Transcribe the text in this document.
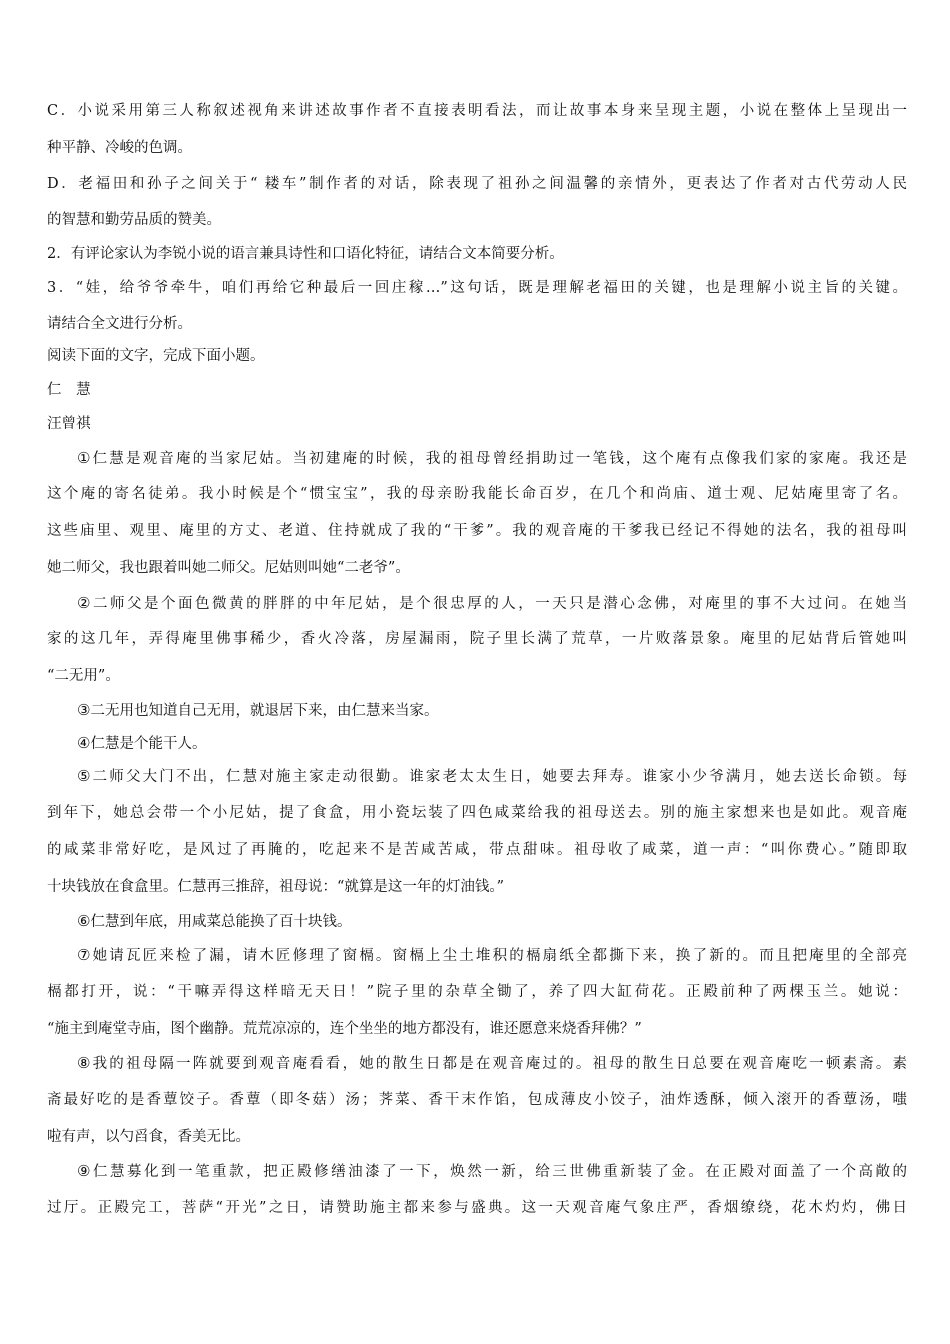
C．小说采用第三人称叙述视角来讲述故事作者不直接表明看法，而让故事本身来呈现主题，小说在整体上呈现出一
种平静、冷峻的色调。
D．老福田和孙子之间关于“ 耧车”制作者的对话，除表现了祖孙之间温馨的亲情外，更表达了作者对古代劳动人民
的智慧和勤劳品质的赞美。
2．有评论家认为李锐小说的语言兼具诗性和口语化特征，请结合文本简要分析。
3．“娃，给爷爷牵牛，咱们再给它种最后一回庄稼…”这句话，既是理解老福田的关键，也是理解小说主旨的关键。
请结合全文进行分析。
阅读下面的文字，完成下面小题。
仁 慧
汪曾祺
①仁慧是观音庵的当家尼姑。当初建庵的时候，我的祖母曾经捐助过一笔钱，这个庵有点像我们家的家庵。我还是
这个庵的寄名徒弟。我小时候是个“惯宝宝”，我的母亲盼我能长命百岁，在几个和尚庙、道士观、尼姑庵里寄了名。
这些庙里、观里、庵里的方丈、老道、住持就成了我的“干爹”。我的观音庵的干爹我已经记不得她的法名，我的祖母叫
她二师父，我也跟着叫她二师父。尼姑则叫她“二老爷”。
②二师父是个面色微黄的胖胖的中年尼姑，是个很忠厚的人，一天只是潜心念佛，对庵里的事不大过问。在她当
家的这几年，弄得庵里佛事稀少，香火冷落，房屋漏雨，院子里长满了荒草，一片败落景象。庵里的尼姑背后管她叫
“二无用”。
③二无用也知道自己无用，就退居下来，由仁慧来当家。
④仁慧是个能干人。
⑤二师父大门不出，仁慧对施主家走动很勤。谁家老太太生日，她要去拜寿。谁家小少爷满月，她去送长命锁。每
到年下，她总会带一个小尼姑，提了食盒，用小瓷坛装了四色咸菜给我的祖母送去。别的施主家想来也是如此。观音庵
的咸菜非常好吃，是风过了再腌的，吃起来不是苦咸苦咸，带点甜味。祖母收了咸菜，道一声：“叫你费心。”随即取
十块钱放在食盒里。仁慧再三推辞，祖母说：“就算是这一年的灯油钱。”
⑥仁慧到年底，用咸菜总能换了百十块钱。
⑦她请瓦匠来检了漏，请木匠修理了窗槅。窗槅上尘土堆积的槅扇纸全都撕下来，换了新的。而且把庵里的全部亮
槅都打开，说：“干嘛弄得这样暗无天日！”院子里的杂草全锄了，养了四大缸荷花。正殿前种了两棵玉兰。她说：
“施主到庵堂寺庙，图个幽静。荒荒凉凉的，连个坐坐的地方都没有，谁还愿意来烧香拜佛？”
⑧我的祖母隔一阵就要到观音庵看看，她的散生日都是在观音庵过的。祖母的散生日总要在观音庵吃一顿素斋。素
斋最好吃的是香蕈饺子。香蕈（即冬菇）汤；荠菜、香干末作馅，包成薄皮小饺子，油炸透酥，倾入滚开的香蕈汤，嗤
啦有声，以勺舀食，香美无比。
⑨仁慧募化到一笔重款，把正殿修缮油漆了一下，焕然一新，给三世佛重新装了金。在正殿对面盖了一个高敞的
过厅。正殿完工，菩萨“开光”之日，请赞助施主都来参与盛典。这一天观音庵气象庄严，香烟缭绕，花木灼灼，佛日
